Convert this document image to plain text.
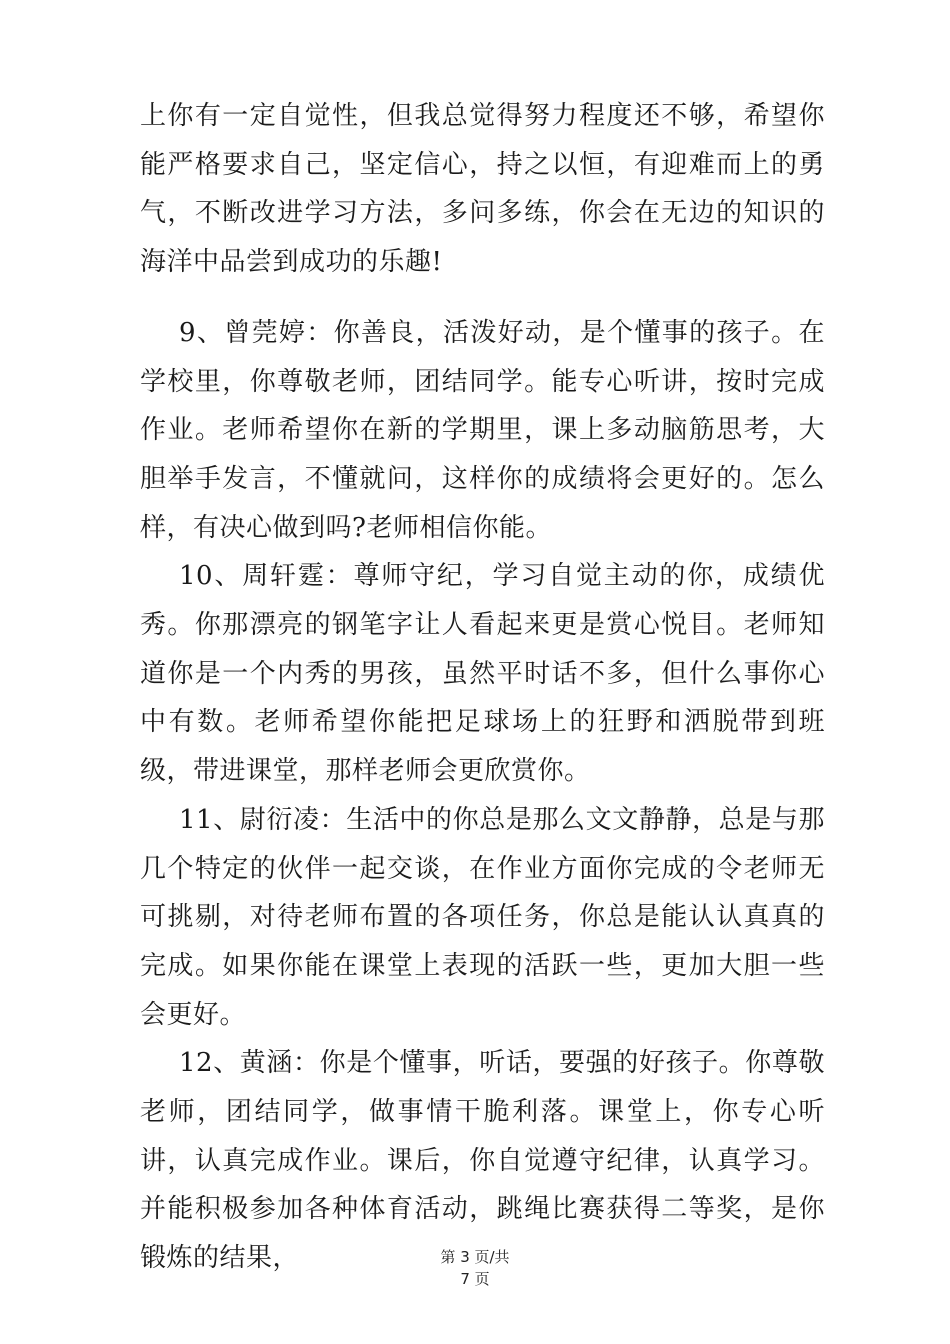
上你有一定自觉性，但我总觉得努力程度还不够，希望你能严格要求自己，坚定信心，持之以恒，有迎难而上的勇气，不断改进学习方法，多问多练，你会在无边的知识的海洋中品尝到成功的乐趣!

9、曾莞婷：你善良，活泼好动，是个懂事的孩子。在学校里，你尊敬老师，团结同学。能专心听讲，按时完成作业。老师希望你在新的学期里，课上多动脑筋思考，大胆举手发言，不懂就问，这样你的成绩将会更好的。怎么样，有决心做到吗?老师相信你能。

10、周轩霆：尊师守纪，学习自觉主动的你，成绩优秀。你那漂亮的钢笔字让人看起来更是赏心悦目。老师知道你是一个内秀的男孩，虽然平时话不多，但什么事你心中有数。老师希望你能把足球场上的狂野和洒脱带到班级，带进课堂，那样老师会更欣赏你。

11、尉衍凌：生活中的你总是那么文文静静，总是与那几个特定的伙伴一起交谈，在作业方面你完成的令老师无可挑剔，对待老师布置的各项任务，你总是能认认真真的完成。如果你能在课堂上表现的活跃一些，更加大胆一些会更好。

12、黄涵：你是个懂事，听话，要强的好孩子。你尊敬老师，团结同学，做事情干脆利落。课堂上，你专心听讲，认真完成作业。课后，你自觉遵守纪律，认真学习。并能积极参加各种体育活动，跳绳比赛获得二等奖，是你锻炼的结果，	第 3 页/共
7 页
